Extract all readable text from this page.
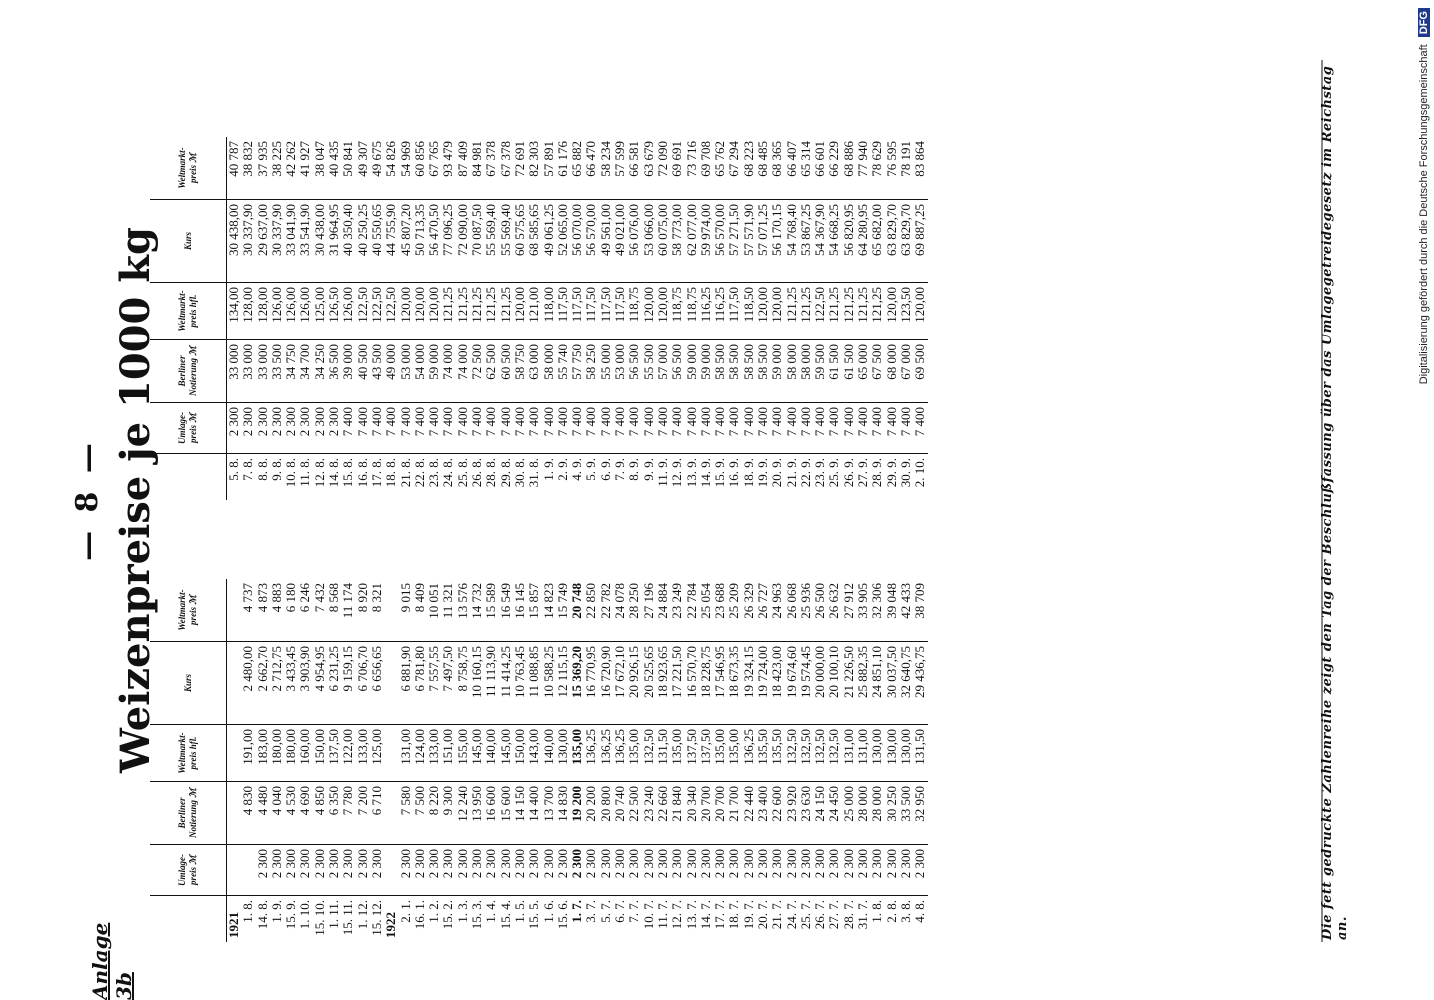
— 8 —
Anlage 3b
Weizenpreise je 1000 kg
	Umlage- preis ℳ	Berliner Notierung ℳ	Weltmarkt- preis hfl.	Kurs	Weltmarkt- preis ℳ
1921					
1. 8.		4 830	191,00	2 480,00	4 737
14. 8.	2 300	4 480	183,00	2 662,70	4 873
1. 9.	2 300	4 040	180,00	2 712,75	4 883
15. 9.	2 300	4 530	180,00	3 433,45	6 180
1. 10.	2 300	4 690	160,00	3 903,90	6 246
15. 10.	2 300	4 850	150,00	4 954,95	7 432
1. 11.	2 300	6 350	137,50	6 231,25	8 568
15. 11.	2 300	7 780	122,00	9 159,15	11 174
1. 12.	2 300	7 200	133,00	6 706,70	8 920
15. 12.	2 300	6 710	125,00	6 656,65	8 321
1922					
2. 1.	2 300	7 580	131,00	6 881,90	9 015
16. 1.	2 300	7 500	124,00	6 781,80	8 409
1. 2.	2 300	8 220	133,00	7 557,55	10 051
15. 2.	2 300	9 300	151,00	7 497,50	11 321
1. 3.	2 300	12 240	155,00	8 758,75	13 576
15. 3.	2 300	13 950	145,00	10 160,15	14 732
1. 4.	2 300	16 600	140,00	11 113,90	15 589
15. 4.	2 300	15 600	145,00	11 414,25	16 549
1. 5.	2 300	14 150	150,00	10 763,45	16 145
15. 5.	2 300	14 400	143,00	11 088,85	15 857
1. 6.	2 300	13 700	140,00	10 588,25	14 823
15. 6.	2 300	14 830	130,00	12 115,15	15 749
1. 7.	2 300	19 200	135,00	15 369,20	20 748
3. 7.	2 300	20 200	136,25	16 770,95	22 850
5. 7.	2 300	20 800	136,25	16 720,90	22 782
6. 7.	2 300	20 740	136,25	17 672,10	24 078
7. 7.	2 300	22 500	135,00	20 926,15	28 250
10. 7.	2 300	23 240	132,50	20 525,65	27 196
11. 7.	2 300	22 660	131,50	18 923,65	24 884
12. 7.	2 300	21 840	135,00	17 221,50	23 249
13. 7.	2 300	20 340	137,50	16 570,70	22 784
14. 7.	2 300	20 700	137,50	18 228,75	25 054
17. 7.	2 300	20 700	135,00	17 546,95	23 688
18. 7.	2 300	21 700	135,00	18 673,35	25 209
19. 7.	2 300	22 440	136,25	19 324,15	26 329
20. 7.	2 300	23 400	135,50	19 724,00	26 727
21. 7.	2 300	22 600	135,50	18 423,00	24 963
24. 7.	2 300	23 920	132,50	19 674,60	26 068
25. 7.	2 300	23 630	132,50	19 574,45	25 936
26. 7.	2 300	24 150	132,50	20 000,00	26 500
27. 7.	2 300	24 450	132,50	20 100,10	26 632
28. 7.	2 300	25 000	131,00	21 226,50	27 912
31. 7.	2 300	28 000	131,00	25 882,35	33 905
1. 8.	2 300	28 000	130,00	24 851,10	32 306
2. 8.	2 300	30 250	130,00	30 037,50	39 048
3. 8.	2 300	33 500	130,00	32 640,75	42 433
4. 8.	2 300	32 950	131,50	29 436,75	38 709
	Umlage- preis ℳ	Berliner Notierung ℳ	Weltmarkt- preis hfl.	Kurs	Weltmarkt- preis ℳ
5. 8.	2 300	33 000	134,00	30 438,00	40 787
7. 8.	2 300	33 000	128,00	30 337,90	38 832
8. 8.	2 300	33 000	128,00	29 637,00	37 935
9. 8.	2 300	33 500	126,00	30 337,90	38 225
10. 8.	2 300	34 750	126,00	33 041,90	42 262
11. 8.	2 300	34 700	126,00	33 541,90	41 927
12. 8.	2 300	34 250	125,00	30 438,00	38 047
14. 8.	2 300	36 500	126,50	31 964,95	40 435
15. 8.	7 400	39 000	126,00	40 350,40	50 841
16. 8.	7 400	40 500	122,50	40 250,25	49 307
17. 8.	7 400	43 500	122,50	40 550,65	49 675
18. 8.	7 400	49 000	122,50	44 755,90	54 826
21. 8.	7 400	53 000	120,00	45 807,20	54 969
22. 8.	7 400	54 000	120,00	50 713,35	60 856
23. 8.	7 400	59 000	120,00	56 470,50	67 765
24. 8.	7 400	74 000	121,25	77 096,25	93 479
25. 8.	7 400	74 000	121,25	72 090,00	87 409
26. 8.	7 400	72 500	121,25	70 087,50	84 981
28. 8.	7 400	62 500	121,25	55 569,40	67 378
29. 8.	7 400	60 500	121,25	55 569,40	67 378
30. 8.	7 400	58 750	120,00	60 575,65	72 691
31. 8.	7 400	63 000	121,00	68 585,65	82 303
1. 9.	7 400	58 000	118,00	49 061,25	57 891
2. 9.	7 400	55 740	117,50	52 065,00	61 176
4. 9.	7 400	57 750	117,50	56 070,00	65 882
5. 9.	7 400	58 250	117,50	56 570,00	66 470
6. 9.	7 400	55 000	117,50	49 561,00	58 234
7. 9.	7 400	53 000	117,50	49 021,00	57 599
8. 9.	7 400	56 500	118,75	56 076,00	66 581
9. 9.	7 400	55 500	120,00	53 066,00	63 679
11. 9.	7 400	57 000	120,00	60 075,00	72 090
12. 9.	7 400	56 500	118,75	58 773,00	69 691
13. 9.	7 400	59 000	118,75	62 077,00	73 716
14. 9.	7 400	59 000	116,25	59 974,00	69 708
15. 9.	7 400	58 500	116,25	56 570,00	65 762
16. 9.	7 400	58 500	117,50	57 271,50	67 294
18. 9.	7 400	58 500	118,50	57 571,90	68 223
19. 9.	7 400	58 500	120,00	57 071,25	68 485
20. 9.	7 400	59 000	120,00	56 170,15	68 365
21. 9.	7 400	58 000	121,25	54 768,40	66 407
22. 9.	7 400	58 000	121,25	53 867,25	65 314
23. 9.	7 400	59 500	122,50	54 367,90	66 601
25. 9.	7 400	61 500	121,25	54 668,25	66 229
26. 9.	7 400	61 500	121,25	56 820,95	68 886
27. 9.	7 400	65 000	121,25	64 280,95	77 940
28. 9.	7 400	67 500	121,25	65 682,00	78 629
29. 9.	7 400	68 000	120,00	63 829,70	76 595
30. 9.	7 400	67 000	123,50	63 829,70	78 191
2. 10.	7 400	69 500	120,00	69 887,25	83 864	Die fett gedruckte Zahlenreihe zeigt den Tag der Beschlußfassung über das Umlagegetreidegesetz im Reichstag an.
Digitalisierung gefördert durch die Deutsche Forschungsgemeinschaft DFG
